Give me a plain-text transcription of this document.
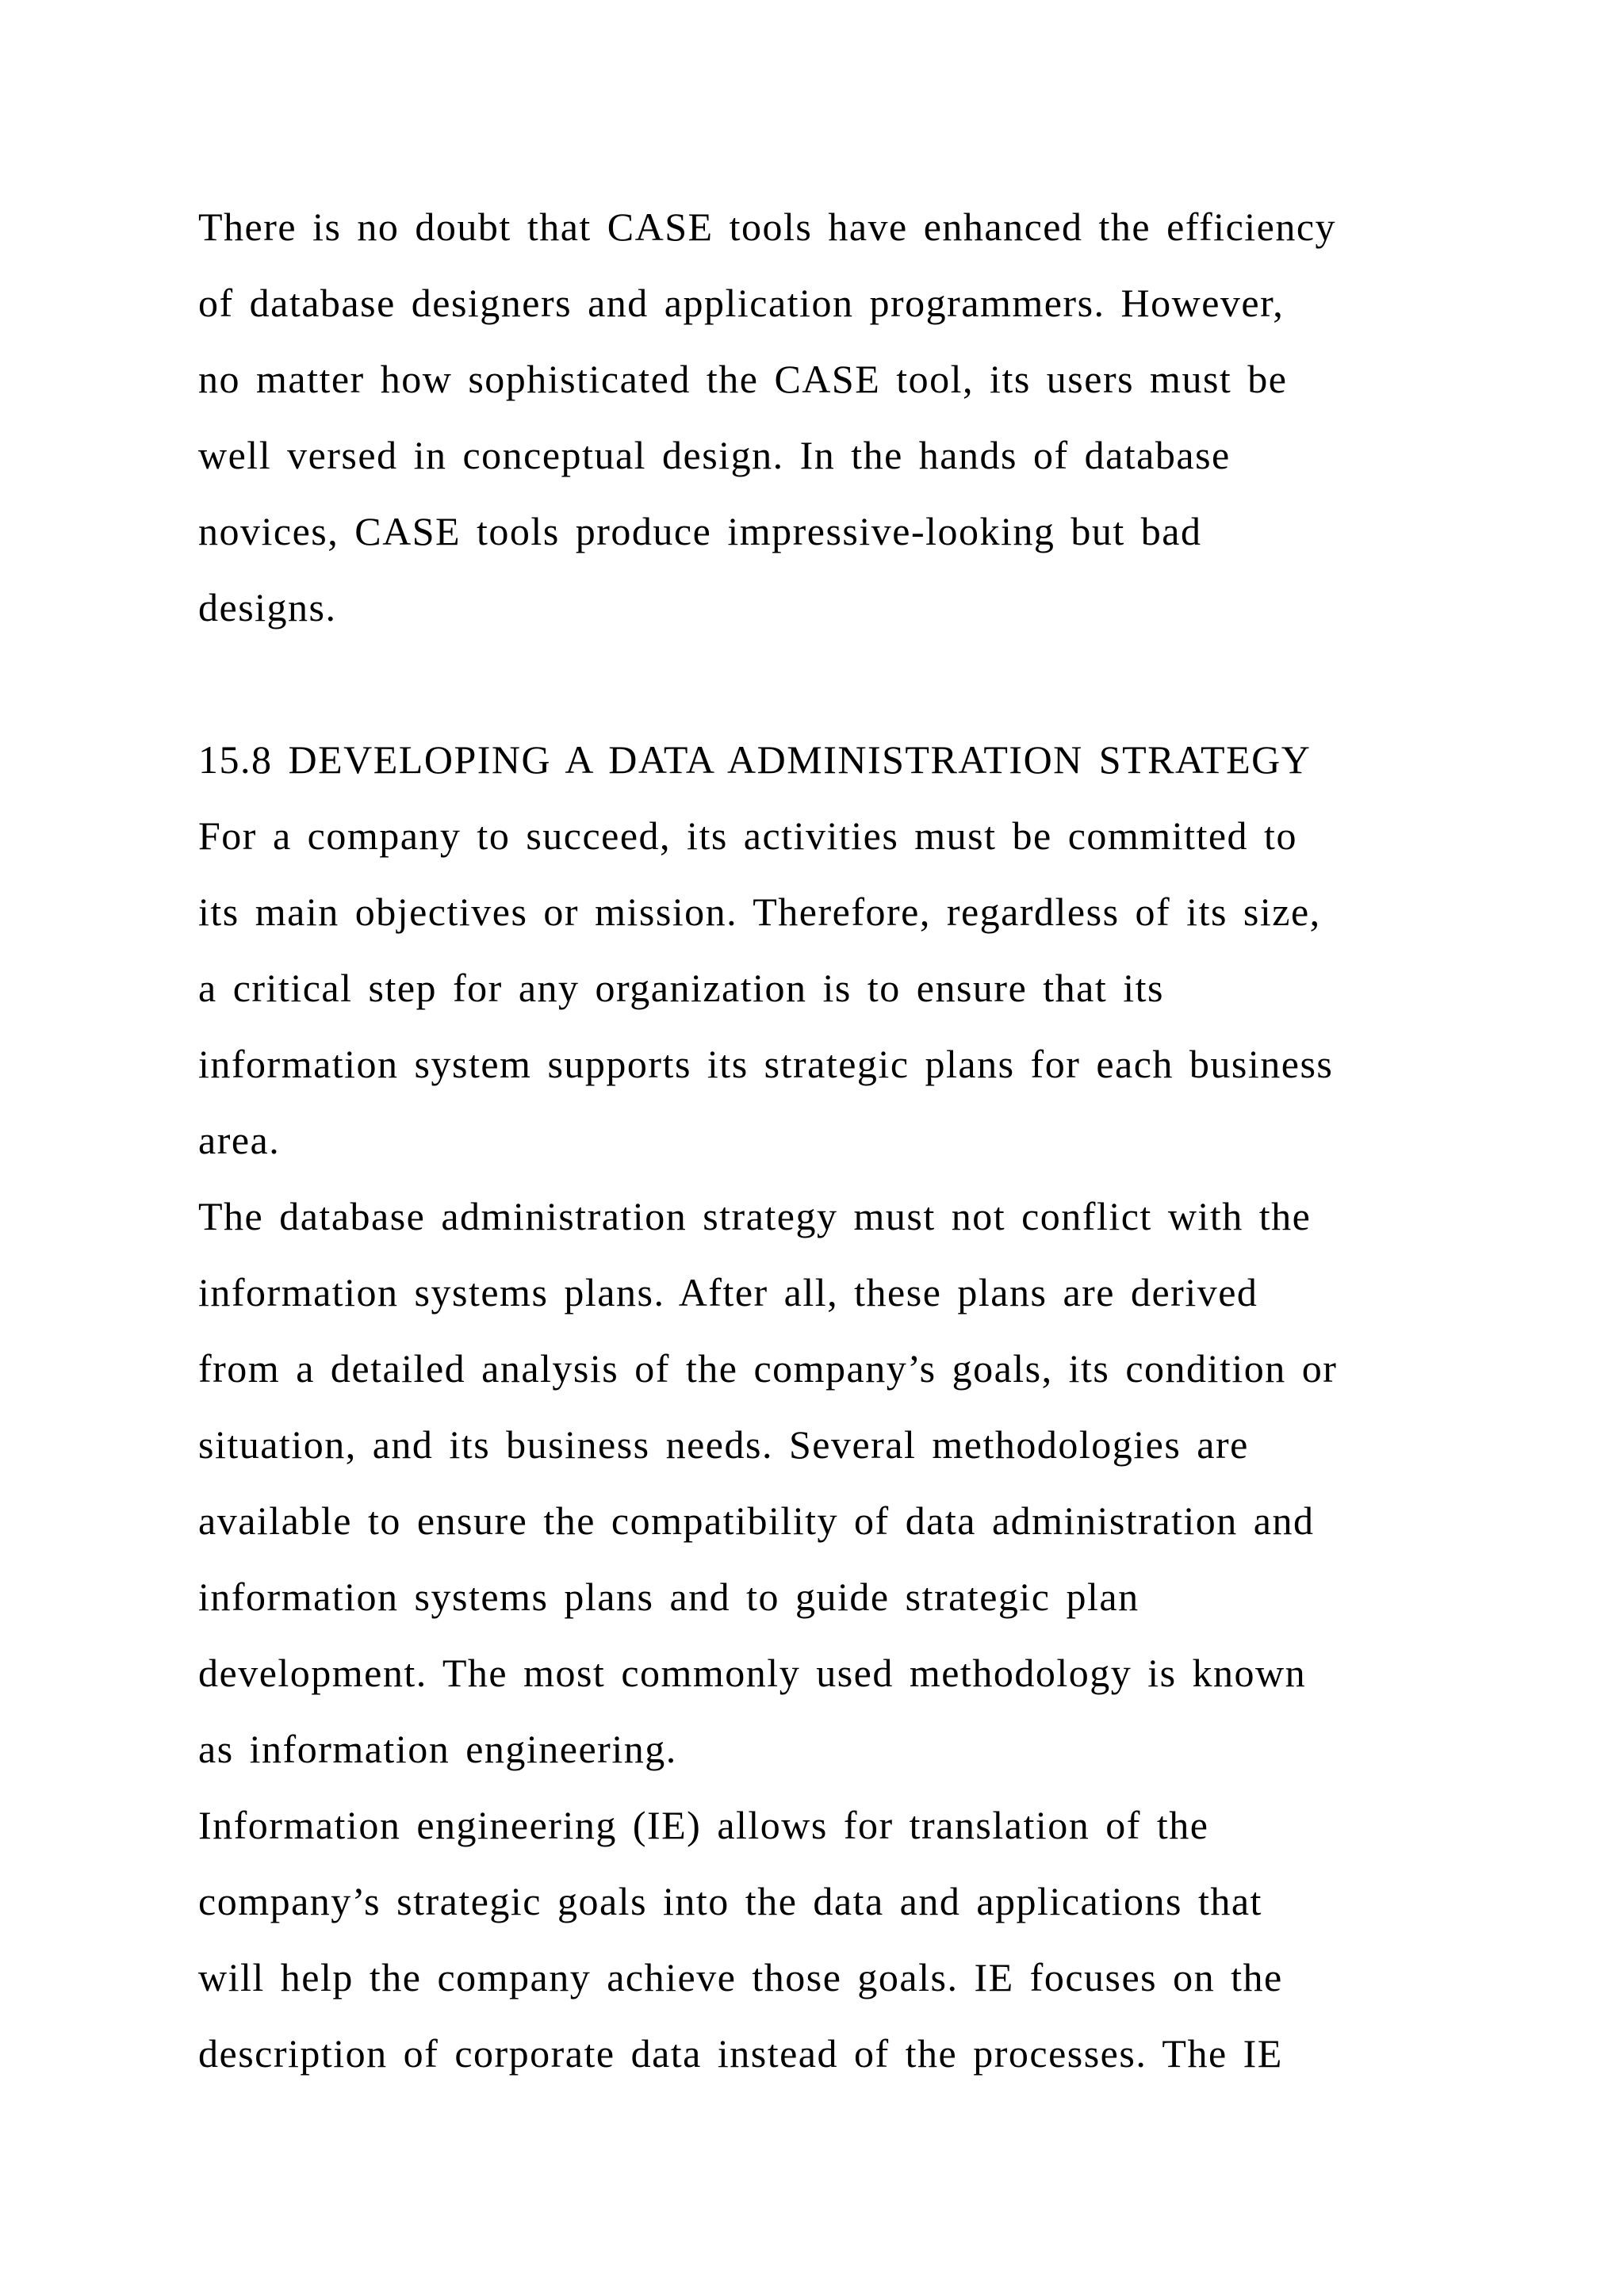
There is no doubt that CASE tools have enhanced the efficiency
of database designers and application programmers. However,
no matter how sophisticated the CASE tool, its users must be
well versed in conceptual design. In the hands of database
novices, CASE tools produce impressive-looking but bad
designs.
15.8 DEVELOPING A DATA ADMINISTRATION STRATEGY
For a company to succeed, its activities must be committed to
its main objectives or mission. Therefore, regardless of its size,
a critical step for any organization is to ensure that its
information system supports its strategic plans for each business
area.
The database administration strategy must not conflict with the
information systems plans. After all, these plans are derived
from a detailed analysis of the company’s goals, its condition or
situation, and its business needs. Several methodologies are
available to ensure the compatibility of data administration and
information systems plans and to guide strategic plan
development. The most commonly used methodology is known
as information engineering.
Information engineering (IE) allows for translation of the
company’s strategic goals into the data and applications that
will help the company achieve those goals. IE focuses on the
description of corporate data instead of the processes. The IE
